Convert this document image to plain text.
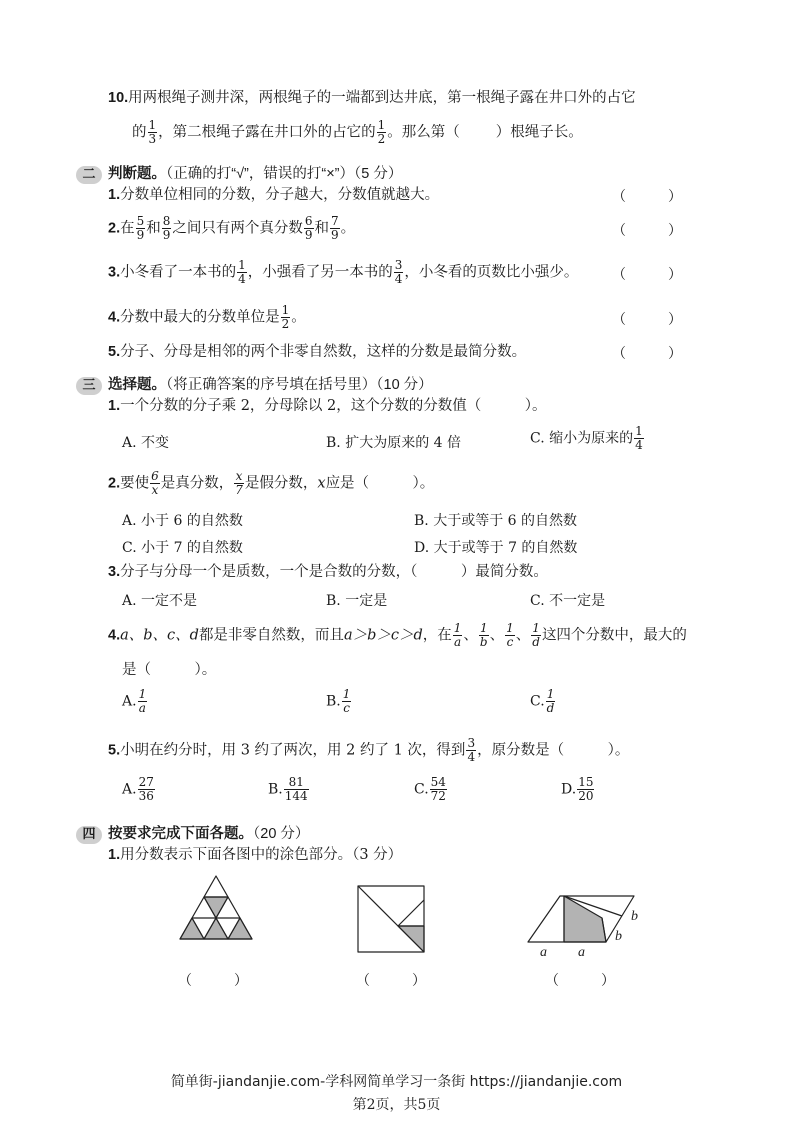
10.用两根绳子测井深，两根绳子的一端都到达井底，第一根绳子露在井口外的占它
的 $\frac{1}{3}$ ，第二根绳子露在井口外的占它的 $\frac{1}{2}$ 。那么第（ ）根绳子长。
二 判断题。（正确的打“√”，错误的打“×”）（5 分）
1.分数单位相同的分数，分子越大，分数值就越大。	（　　　）
2.在 $\frac{5}{9}$ 和 $\frac{8}{9}$ 之间只有两个真分数 $\frac{6}{9}$ 和 $\frac{7}{9}$ 。	（　　　）
3.小冬看了一本书的 $\frac{1}{4}$ ，小强看了另一本书的 $\frac{3}{4}$ ，小冬看的页数比小强少。 （　　　）
4.分数中最大的分数单位是 $\frac{1}{2}$ 。	（　　　）
5.分子、分母是相邻的两个非零自然数，这样的分数是最简分数。	（　　　）
三 选择题。（将正确答案的序号填在括号里）（10 分）
1.一个分数的分子乘 2，分母除以 2，这个分数的分数值（　　　）。
A. 不变	B. 扩大为原来的 4 倍	C. 缩小为原来的 $\frac{1}{4}$
2.要使 $\frac{6}{x}$ 是真分数， $\frac{x}{7}$ 是假分数，x应是（　　　）。
A. 小于 6 的自然数	B. 大于或等于 6 的自然数
C. 小于 7 的自然数	D. 大于或等于 7 的自然数
3.分子与分母一个是质数，一个是合数的分数，（　　　）最简分数。
A. 一定不是	B. 一定是	C. 不一定是
4.a、b、c、d都是非零自然数，而且a＞b＞c＞d，在 $\frac{1}{a}$ 、 $\frac{1}{b}$ 、 $\frac{1}{c}$ 、 $\frac{1}{d}$ 这四个分数中，最大的
是（　　　）。
A. $\frac{1}{a}$	B. $\frac{1}{c}$	C. $\frac{1}{d}$
5.小明在约分时，用 3 约了两次，用 2 约了 1 次，得到 $\frac{3}{4}$ ，原分数是（　　　）。
A. $\frac{27}{36}$	B. $\frac{81}{144}$	C. $\frac{54}{72}$	D. $\frac{15}{20}$
四 按要求完成下面各题。（20 分）
1.用分数表示下面各图中的涂色部分。（3 分）
a a
b
b
（　　　）	（　　　）	（　　　）
简单街-jiandanjie.com-学科网简单学习一条街 https://jiandanjie.com
第2页，共5页
